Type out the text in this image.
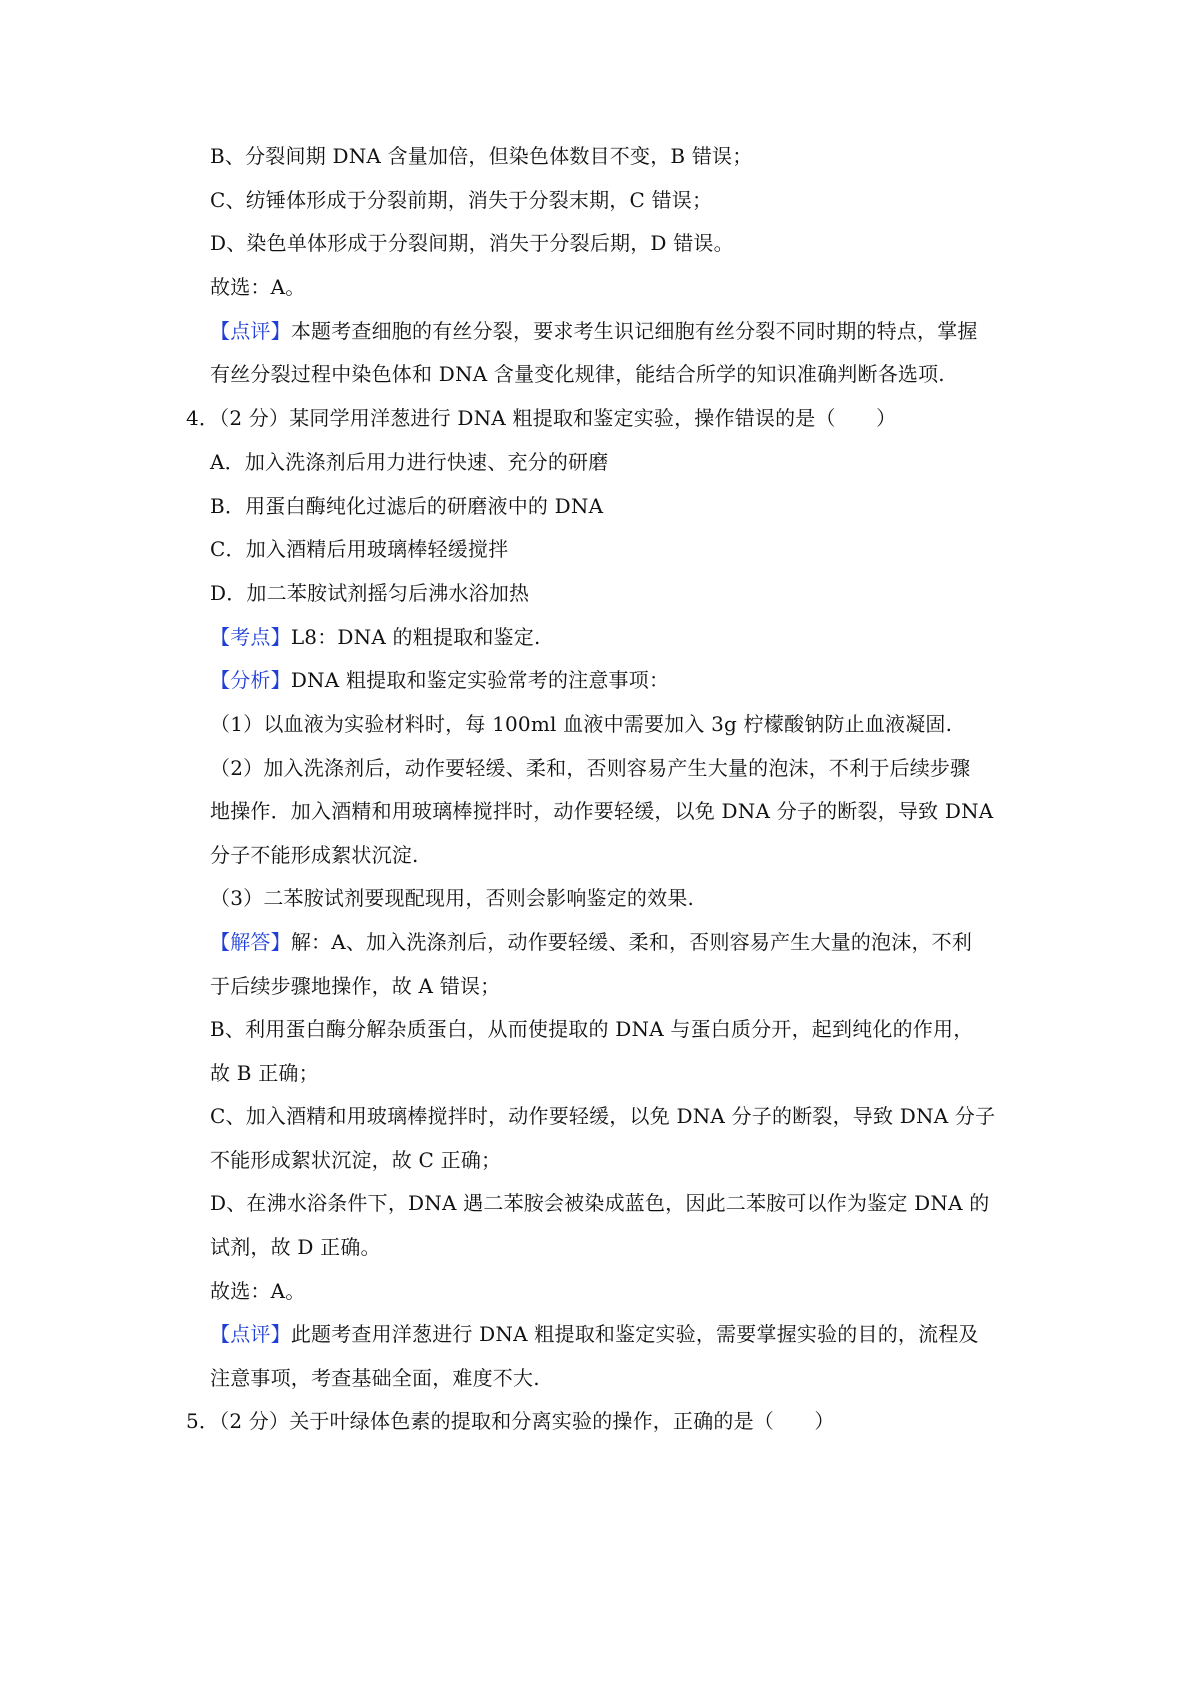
B、分裂间期 DNA 含量加倍，但染色体数目不变，B 错误；
C、纺锤体形成于分裂前期，消失于分裂末期，C 错误；
D、染色单体形成于分裂间期，消失于分裂后期，D 错误。
故选：A。
【点评】本题考查细胞的有丝分裂，要求考生识记细胞有丝分裂不同时期的特点，掌握
有丝分裂过程中染色体和 DNA 含量变化规律，能结合所学的知识准确判断各选项.
4．（2 分）某同学用洋葱进行 DNA 粗提取和鉴定实验，操作错误的是（　　）
A．加入洗涤剂后用力进行快速、充分的研磨
B．用蛋白酶纯化过滤后的研磨液中的 DNA
C．加入酒精后用玻璃棒轻缓搅拌
D．加二苯胺试剂摇匀后沸水浴加热
【考点】L8：DNA 的粗提取和鉴定.
【分析】DNA 粗提取和鉴定实验常考的注意事项：
（1）以血液为实验材料时，每 100ml 血液中需要加入 3g 柠檬酸钠防止血液凝固.
（2）加入洗涤剂后，动作要轻缓、柔和，否则容易产生大量的泡沫，不利于后续步骤
地操作．加入酒精和用玻璃棒搅拌时，动作要轻缓，以免 DNA 分子的断裂，导致 DNA
分子不能形成絮状沉淀.
（3）二苯胺试剂要现配现用，否则会影响鉴定的效果.
【解答】解：A、加入洗涤剂后，动作要轻缓、柔和，否则容易产生大量的泡沫，不利
于后续步骤地操作，故 A 错误；
B、利用蛋白酶分解杂质蛋白，从而使提取的 DNA 与蛋白质分开，起到纯化的作用，
故 B 正确；
C、加入酒精和用玻璃棒搅拌时，动作要轻缓，以免 DNA 分子的断裂，导致 DNA 分子
不能形成絮状沉淀，故 C 正确；
D、在沸水浴条件下，DNA 遇二苯胺会被染成蓝色，因此二苯胺可以作为鉴定 DNA 的
试剂，故 D 正确。
故选：A。
【点评】此题考查用洋葱进行 DNA 粗提取和鉴定实验，需要掌握实验的目的，流程及
注意事项，考查基础全面，难度不大.
5．（2 分）关于叶绿体色素的提取和分离实验的操作，正确的是（　　）
